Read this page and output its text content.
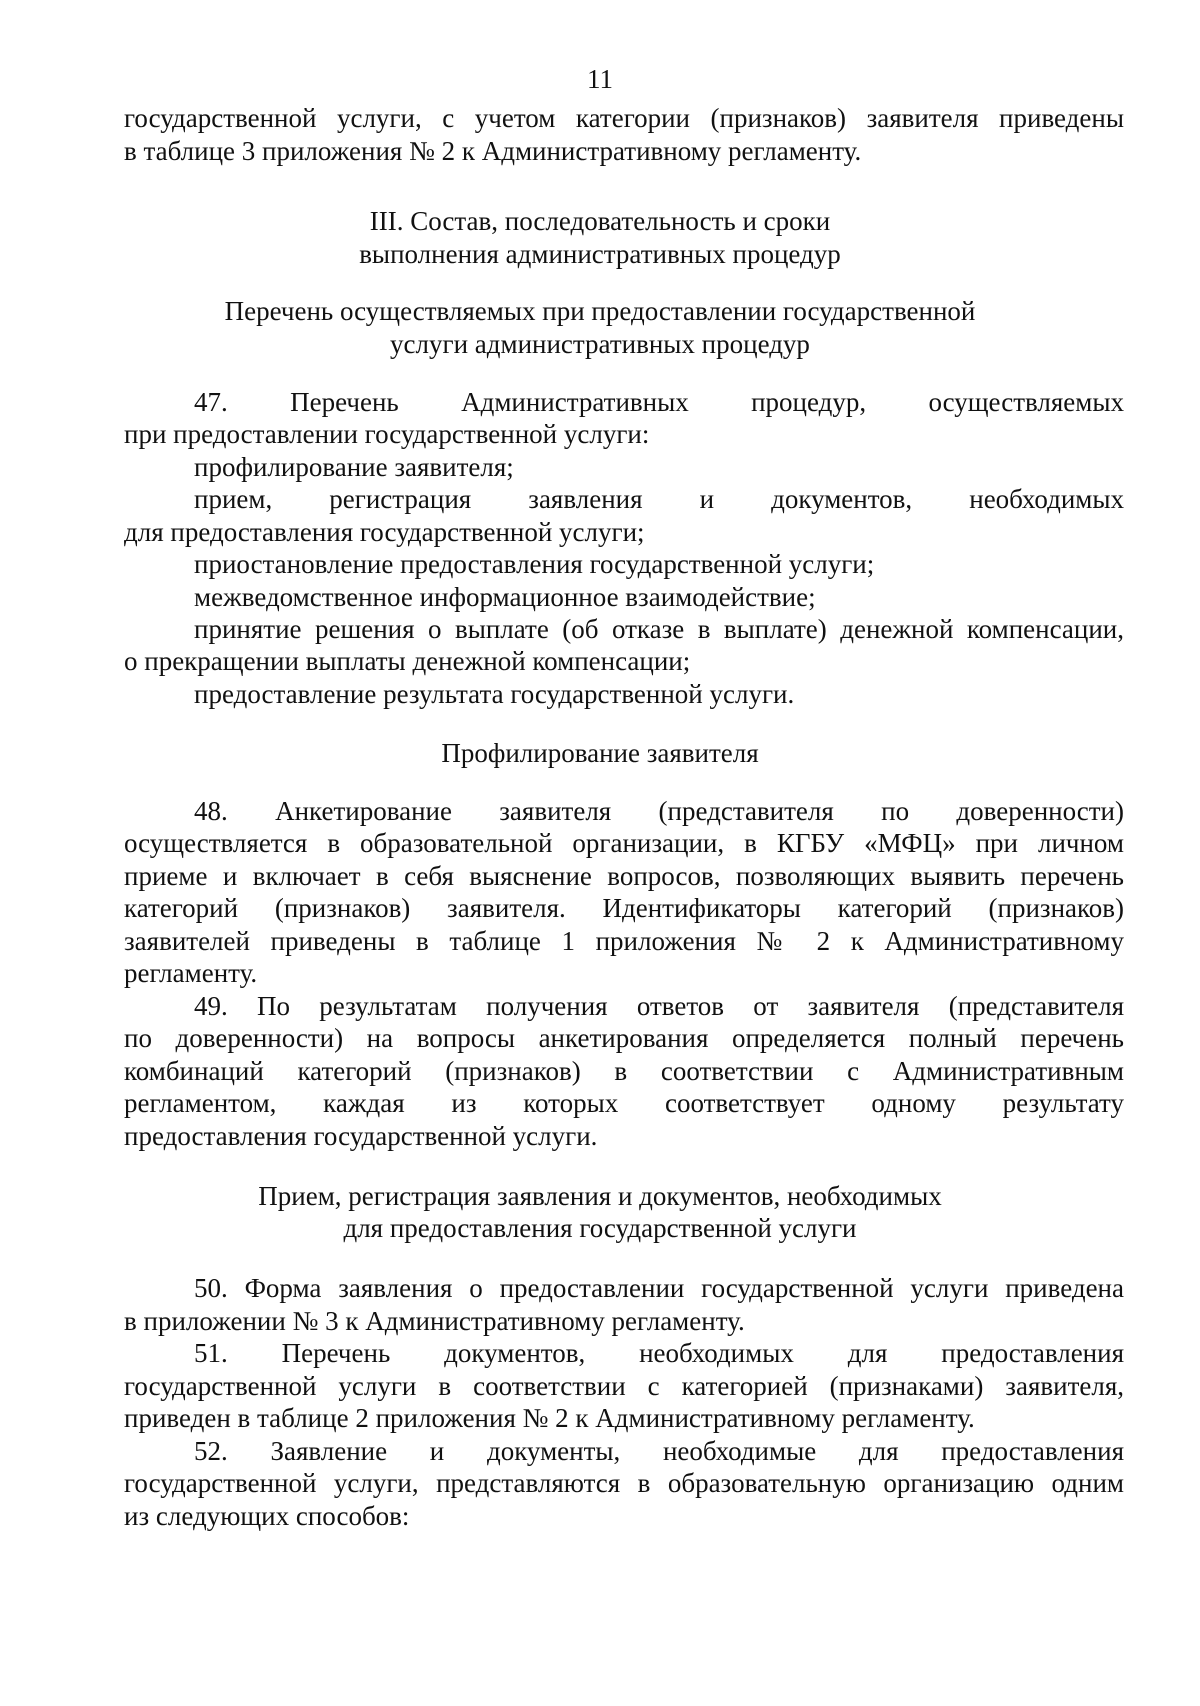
11
государственной услуги, с учетом категории (признаков) заявителя приведены
в таблице 3 приложения № 2 к Административному регламенту.
III. Состав, последовательность и сроки
выполнения административных процедур
Перечень осуществляемых при предоставлении государственной
услуги административных процедур
47. Перечень Административных процедур, осуществляемых
при предоставлении государственной услуги:
профилирование заявителя;
прием, регистрация заявления и документов, необходимых
для предоставления государственной услуги;
приостановление предоставления государственной услуги;
межведомственное информационное взаимодействие;
принятие решения о выплате (об отказе в выплате) денежной компенсации,
о прекращении выплаты денежной компенсации;
предоставление результата государственной услуги.
Профилирование заявителя
48. Анкетирование заявителя (представителя по доверенности)
осуществляется в образовательной организации, в КГБУ «МФЦ» при личном
приеме и включает в себя выяснение вопросов, позволяющих выявить перечень
категорий (признаков) заявителя. Идентификаторы категорий (признаков)
заявителей приведены в таблице 1 приложения № 2 к Административному
регламенту.
49. По результатам получения ответов от заявителя (представителя
по доверенности) на вопросы анкетирования определяется полный перечень
комбинаций категорий (признаков) в соответствии с Административным
регламентом, каждая из которых соответствует одному результату
предоставления государственной услуги.
Прием, регистрация заявления и документов, необходимых
для предоставления государственной услуги
50. Форма заявления о предоставлении государственной услуги приведена
в приложении № 3 к Административному регламенту.
51. Перечень документов, необходимых для предоставления
государственной услуги в соответствии с категорией (признаками) заявителя,
приведен в таблице 2 приложения № 2 к Административному регламенту.
52. Заявление и документы, необходимые для предоставления
государственной услуги, представляются в образовательную организацию одним
из следующих способов:
